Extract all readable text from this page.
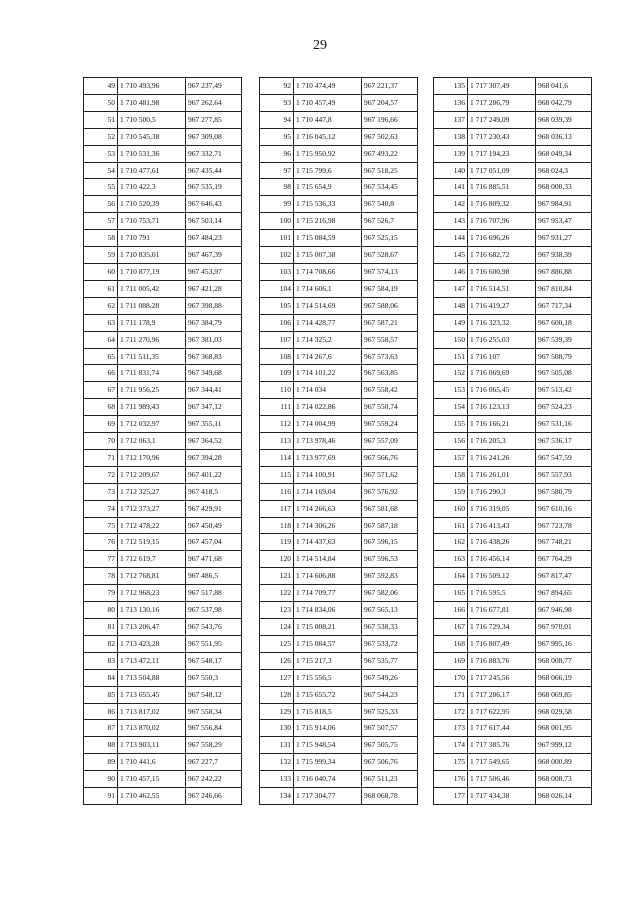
29
49	1 710 493,96	967 237,49
50	1 710 481,98	967 262,64
51	1 710 500,5	967 277,85
52	1 710 545,38	967 309,08
53	1 710 531,36	967 332,71
54	1 710 477,61	967 435,44
55	1 710 422,3	967 535,19
56	1 710 520,39	967 646,43
57	1 710 753,71	967 503,14
58	1 710 791	967 484,23
59	1 710 835,01	967 467,39
60	1 710 877,19	967 453,97
61	1 711 005,42	967 421,28
62	1 711 088,28	967 398,88
63	1 711 178,9	967 384,79
64	1 711 270,96	967 381,03
65	1 711 511,35	967 368,83
66	1 711 831,74	967 349,68
67	1 711 956,25	967 344,41
68	1 711 989,43	967 347,12
69	1 712 032,97	967 355,11
70	1 712 063,1	967 364,52
71	1 712 170,96	967 394,28
72	1 712 209,67	967 401,22
73	1 712 325,27	967 418,5
74	1 712 373,27	967 429,91
75	1 712 478,22	967 450,49
76	1 712 519,15	967 457,04
77	1 712 619,7	967 471,68
78	1 712 768,81	967 486,5
79	1 712 968,23	967 517,88
80	1 713 130,16	967 537,98
81	1 713 206,47	967 543,76
82	1 713 423,28	967 551,95
83	1 713 472,11	967 548,17
84	1 713 504,88	967 550,3
85	1 713 655,45	967 548,12
86	1 713 817,02	967 558,34
87	1 713 870,02	967 556,84
88	1 713 903,11	967 558,29
89	1 710 441,6	967 227,7
90	1 710 457,15	967 242,22
91	1 710 462,55	967 246,66
92	1 710 474,49	967 221,37
93	1 710 457,49	967 204,57
94	1 710 447,8	967 196,66
95	1 716 045,12	967 502,63
96	1 715 950,92	967 493,22
97	1 715 799,6	967 518,25
98	1 715 654,9	967 534,45
99	1 715 536,33	967 540,8
100	1 715 216,98	967 526,7
101	1 715 084,59	967 525,15
102	1 715 007,38	967 528,67
103	1 714 708,66	967 574,13
104	1 714 606,1	967 584,19
105	1 714 514,69	967 588,06
106	1 714 428,77	967 587,21
107	1 714 325,2	967 558,57
108	1 714 267,6	967 573,63
109	1 714 101,22	967 563,85
110	1 714 034	967 558,42
111	1 714 022,86	967 550,74
112	1 714 004,99	967 559,24
113	1 713 978,46	967 557,09
114	1 713 977,69	967 566,76
115	1 714 100,91	967 571,62
116	1 714 169,04	967 576,92
117	1 714 266,63	967 581,68
118	1 714 306,26	967 587,18
119	1 714 437,63	967 596,15
120	1 714 514,84	967 596,53
121	1 714 606,88	967 592,83
122	1 714 709,77	967 582,06
123	1 714 834,06	967 565,13
124	1 715 008,21	967 538,33
125	1 715 084,57	967 533,72
126	1 715 217,3	967 535,77
127	1 715 556,5	967 549,26
128	1 715 655,72	967 544,23
129	1 715 818,5	967 525,33
130	1 715 914,06	967 507,57
131	1 715 948,54	967 505,75
132	1 715 999,34	967 506,76
133	1 716 040,74	967 511,23
134	1 717 304,77	968 068,78
135	1 717 307,49	968 041,6
136	1 717 286,79	968 042,79
137	1 717 249,09	968 039,39
138	1 717 230,43	968 036,13
139	1 717 194,23	968 049,34
140	1 717 051,09	968 024,3
141	1 716 885,51	968 000,33
142	1 716 809,32	967 984,91
143	1 716 707,96	967 953,47
144	1 716 696,26	967 931,27
145	1 716 682,72	967 938,39
146	1 716 600,98	967 886,88
147	1 716 514,51	967 810,84
148	1 716 419,27	967 717,34
149	1 716 323,32	967 600,18
150	1 716 255,03	967 539,39
151	1 716 107	967 508,79
152	1 716 069,69	967 505,08
153	1 716 065,45	967 513,42
154	1 716 123,13	967 524,23
155	1 716 166,21	967 531,16
156	1 716 205,3	967 536,17
157	1 716 241,26	967 547,59
158	1 716 261,01	967 557,93
159	1 716 290,3	967 580,79
160	1 716 319,05	967 610,16
161	1 716 413,43	967 723,78
162	1 716 438,26	967 748,21
163	1 716 456,14	967 764,29
164	1 716 509,12	967 817,47
165	1 716 595,5	967 894,65
166	1 716 677,81	967 946,98
167	1 716 729,34	967 970,01
168	1 716 807,49	967 995,16
169	1 716 883,76	968 008,77
170	1 717 245,56	968 066,19
171	1 717 286,17	968 069,85
172	1 717 622,95	968 029,58
173	1 717 617,44	968 001,95
174	1 717 385,76	967 999,12
175	1 717 549,65	968 000,89
176	1 717 506,46	968 008,73
177	1 717 434,38	968 026,14
